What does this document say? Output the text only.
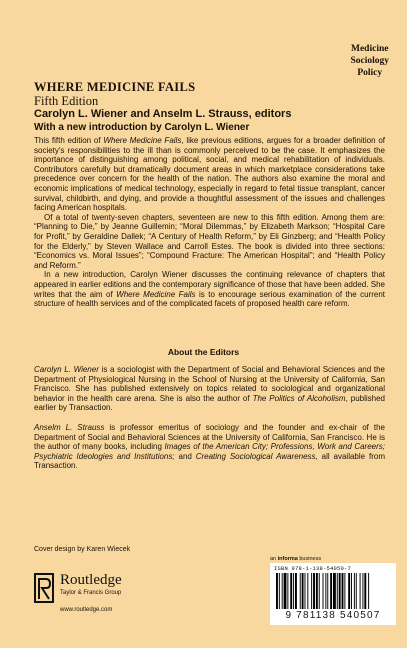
Medicine
Sociology
Policy
WHERE MEDICINE FAILS
Fifth Edition
Carolyn L. Wiener and Anselm L. Strauss, editors
With a new introduction by Carolyn L. Wiener

This fifth edition of Where Medicine Fails, like previous editions, argues for a broader definition of society's responsibilities to the ill than is commonly perceived to be the case. It emphasizes the importance of distinguishing among political, social, and medical rehabilitation of individuals. Contributors carefully but dramatically document areas in which marketplace considerations take precedence over concern for the health of the nation. The authors also examine the moral and economic implications of medical technology, especially in regard to fetal tissue transplant, cancer survival, childbirth, and dying, and provide a thoughtful assessment of the issues and challenges facing American hospitals.

Of a total of twenty-seven chapters, seventeen are new to this fifth edition. Among them are: “Planning to Die,” by Jeanne Guillemin; “Moral Dilemmas,” by Elizabeth Markson; “Hospital Care for Profit,” by Geraldine Dallek; “A Century of Health Reform,” by Eli Ginzberg; and “Health Policy for the Elderly,” by Steven Wallace and Carroll Estes. The book is divided into three sections: “Economics vs. Moral Issues”; “Compound Fracture: The American Hospital”; and “Health Policy and Reform.”

In a new introduction, Carolyn Wiener discusses the continuing relevance of chapters that appeared in earlier editions and the contemporary significance of those that have been added. She writes that the aim of Where Medicine Fails is to encourage serious examination of the current structure of health services and of the complicated facets of proposed health care reform.

About the Editors

Carolyn L. Wiener is a sociologist with the Department of Social and Behavioral Sciences and the Department of Physiological Nursing in the School of Nursing at the University of California, San Francisco. She has published extensively on topics related to sociological and organizational behavior in the health care arena. She is also the author of The Politics of Alcoholism, published earlier by Transaction.

Anselm L. Strauss is professor emeritus of sociology and the founder and ex-chair of the Department of Social and Behavioral Sciences at the University of California, San Francisco. He is the author of many books, including Images of the American City; Professions, Work and Careers; Psychiatric Ideologies and Institutions; and Creating Sociological Awareness, all available from Transaction.

Cover design by Karen Wiecek
an informa business
Routledge
Taylor & Francis Group
www.routledge.com
ISBN 978-1-138-54050-7
9 781138 540507
